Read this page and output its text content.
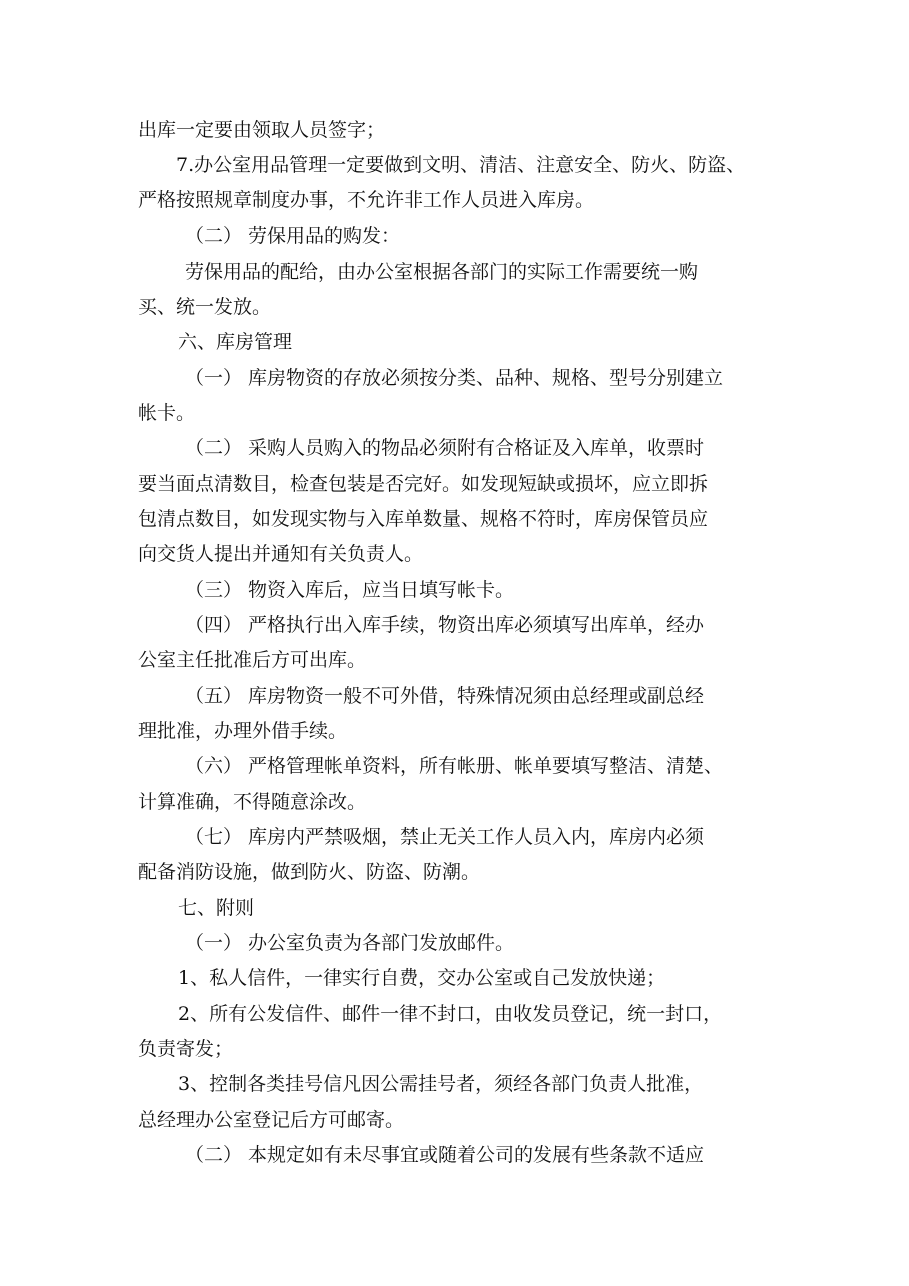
出库一定要由领取人员签字；
7.办公室用品管理一定要做到文明、清洁、注意安全、防火、防盗、
严格按照规章制度办事，不允许非工作人员进入库房。
（二） 劳保用品的购发：
劳保用品的配给，由办公室根据各部门的实际工作需要统一购
买、统一发放。
六、库房管理
（一） 库房物资的存放必须按分类、品种、规格、型号分别建立
帐卡。
（二） 采购人员购入的物品必须附有合格证及入库单，收票时
要当面点清数目，检查包装是否完好。如发现短缺或损坏，应立即拆
包清点数目，如发现实物与入库单数量、规格不符时，库房保管员应
向交货人提出并通知有关负责人。
（三） 物资入库后，应当日填写帐卡。
（四） 严格执行出入库手续，物资出库必须填写出库单，经办
公室主任批准后方可出库。
（五） 库房物资一般不可外借，特殊情况须由总经理或副总经
理批准，办理外借手续。
（六） 严格管理帐单资料，所有帐册、帐单要填写整洁、清楚、
计算准确，不得随意涂改。
（七） 库房内严禁吸烟，禁止无关工作人员入内，库房内必须
配备消防设施，做到防火、防盗、防潮。
七、附则
（一） 办公室负责为各部门发放邮件。
1、私人信件，一律实行自费，交办公室或自己发放快递；
2、所有公发信件、邮件一律不封口，由收发员登记，统一封口，
负责寄发；
3、控制各类挂号信凡因公需挂号者，须经各部门负责人批准，
总经理办公室登记后方可邮寄。
（二） 本规定如有未尽事宜或随着公司的发展有些条款不适应
